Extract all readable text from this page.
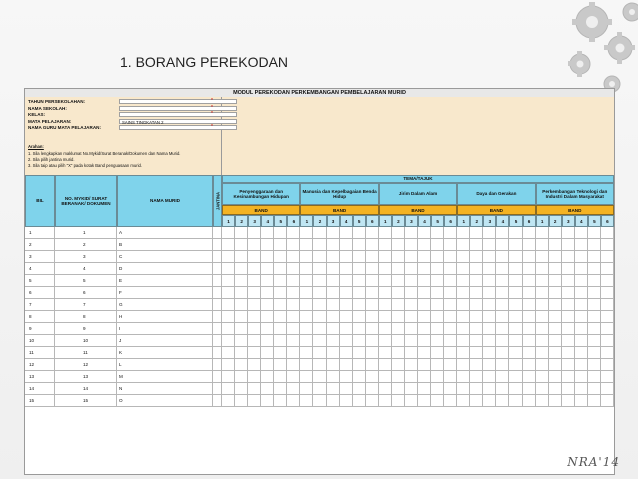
1. BORANG PEREKODAN
MODUL PEREKODAN PERKEMBANGAN PEMBELAJARAN MURID
TAHUN PERSEKOLAHAN:	*
NAMA SEKOLAH:	*
KELAS:	*
MATA PELAJARAN:	SAINS TINGKATAN 2
NAMA GURU MATA PELAJARAN:	*
Arahan:
1. Sila lengkapkan maklumat No.Mykid/Surat Beranak/Dokumen dan Nama Murid.
2. Sila pilih jantina murid.
3. Sila taip atau pilih "X" pada kotak Band penguasaan murid.
BIL
NO. MYKID/ SURAT BERANAK/ DOKUMEN
NAMA MURID	JANTINA
TEMA/TAJUK
Penyenggaraan dan Kesinambungan Hidupan
BAND
1	2	3	4	5	6
Manusia dan Kepelbagaian Benda Hidup
BAND
1	2	3	4	5	6
Jirim Dalam Alam
BAND
1	2	3	4	5	6
Daya dan Gerakan
BAND
1	2	3	4	5	6
Perkembangan Teknologi dan Industri Dalam Masyarakat
BAND
1	2	3	4	5	6
1	1	A
2	2	B
3	3	C
4	4	D
5	5	E
6	6	F
7	7	G
8	8	H
9	9	I
10	10	J
11	11	K
12	12	L
13	13	M
14	14	N
15	15	O
NRA'14
